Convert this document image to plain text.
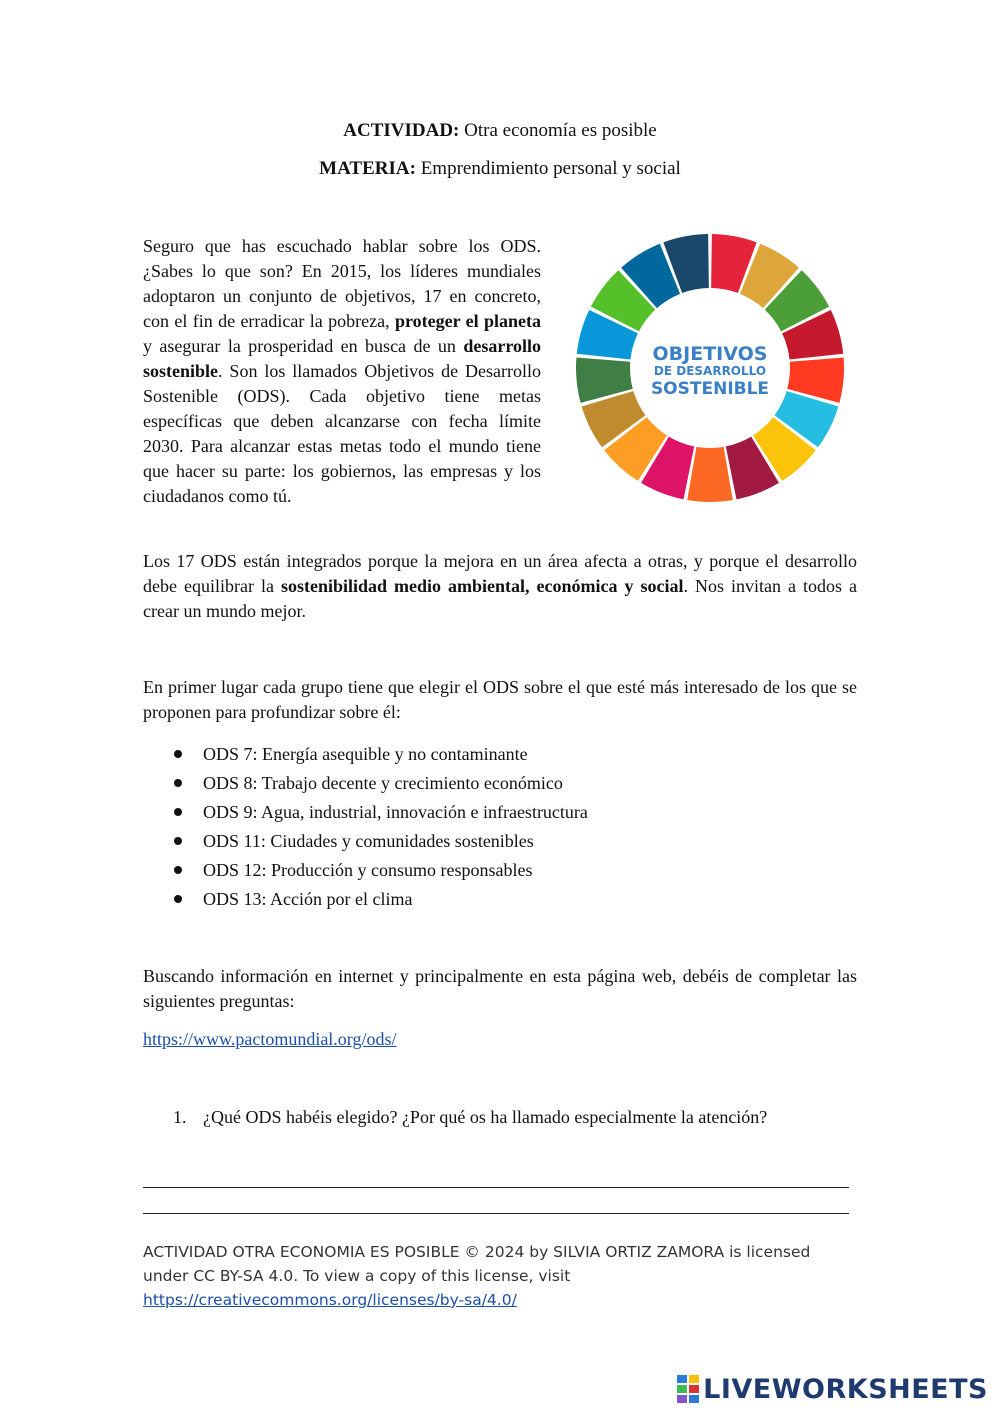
ACTIVIDAD: Otra economía es posible
MATERIA: Emprendimiento personal y social
Seguro que has escuchado hablar sobre los ODS. ¿Sabes lo que son? En 2015, los líderes mundiales adoptaron un conjunto de objetivos, 17 en concreto, con el fin de erradicar la pobreza, proteger el planeta y asegurar la prosperidad en busca de un desarrollo sostenible. Son los llamados Objetivos de Desarrollo Sostenible (ODS). Cada objetivo tiene metas específicas que deben alcanzarse con fecha límite 2030. Para alcanzar estas metas todo el mundo tiene que hacer su parte: los gobiernos, las empresas y los ciudadanos como tú.
OBJETIVOS
DE DESARROLLO
SOSTENIBLE
Los 17 ODS están integrados porque la mejora en un área afecta a otras, y porque el desarrollo debe equilibrar la sostenibilidad medio ambiental, económica y social. Nos invitan a todos a crear un mundo mejor.
En primer lugar cada grupo tiene que elegir el ODS sobre el que esté más interesado de los que se proponen para profundizar sobre él:
ODS 7: Energía asequible y no contaminante
ODS 8: Trabajo decente y crecimiento económico
ODS 9: Agua, industrial, innovación e infraestructura
ODS 11: Ciudades y comunidades sostenibles
ODS 12: Producción y consumo responsables
ODS 13: Acción por el clima
Buscando información en internet y principalmente en esta página web, debéis de completar las siguientes preguntas:
https://www.pactomundial.org/ods/
1. ¿Qué ODS habéis elegido? ¿Por qué os ha llamado especialmente la atención?
ACTIVIDAD OTRA ECONOMIA ES POSIBLE © 2024 by SILVIA ORTIZ ZAMORA is licensed under CC BY-SA 4.0. To view a copy of this license, visit
https://creativecommons.org/licenses/by-sa/4.0/
LIVEWORKSHEETS
